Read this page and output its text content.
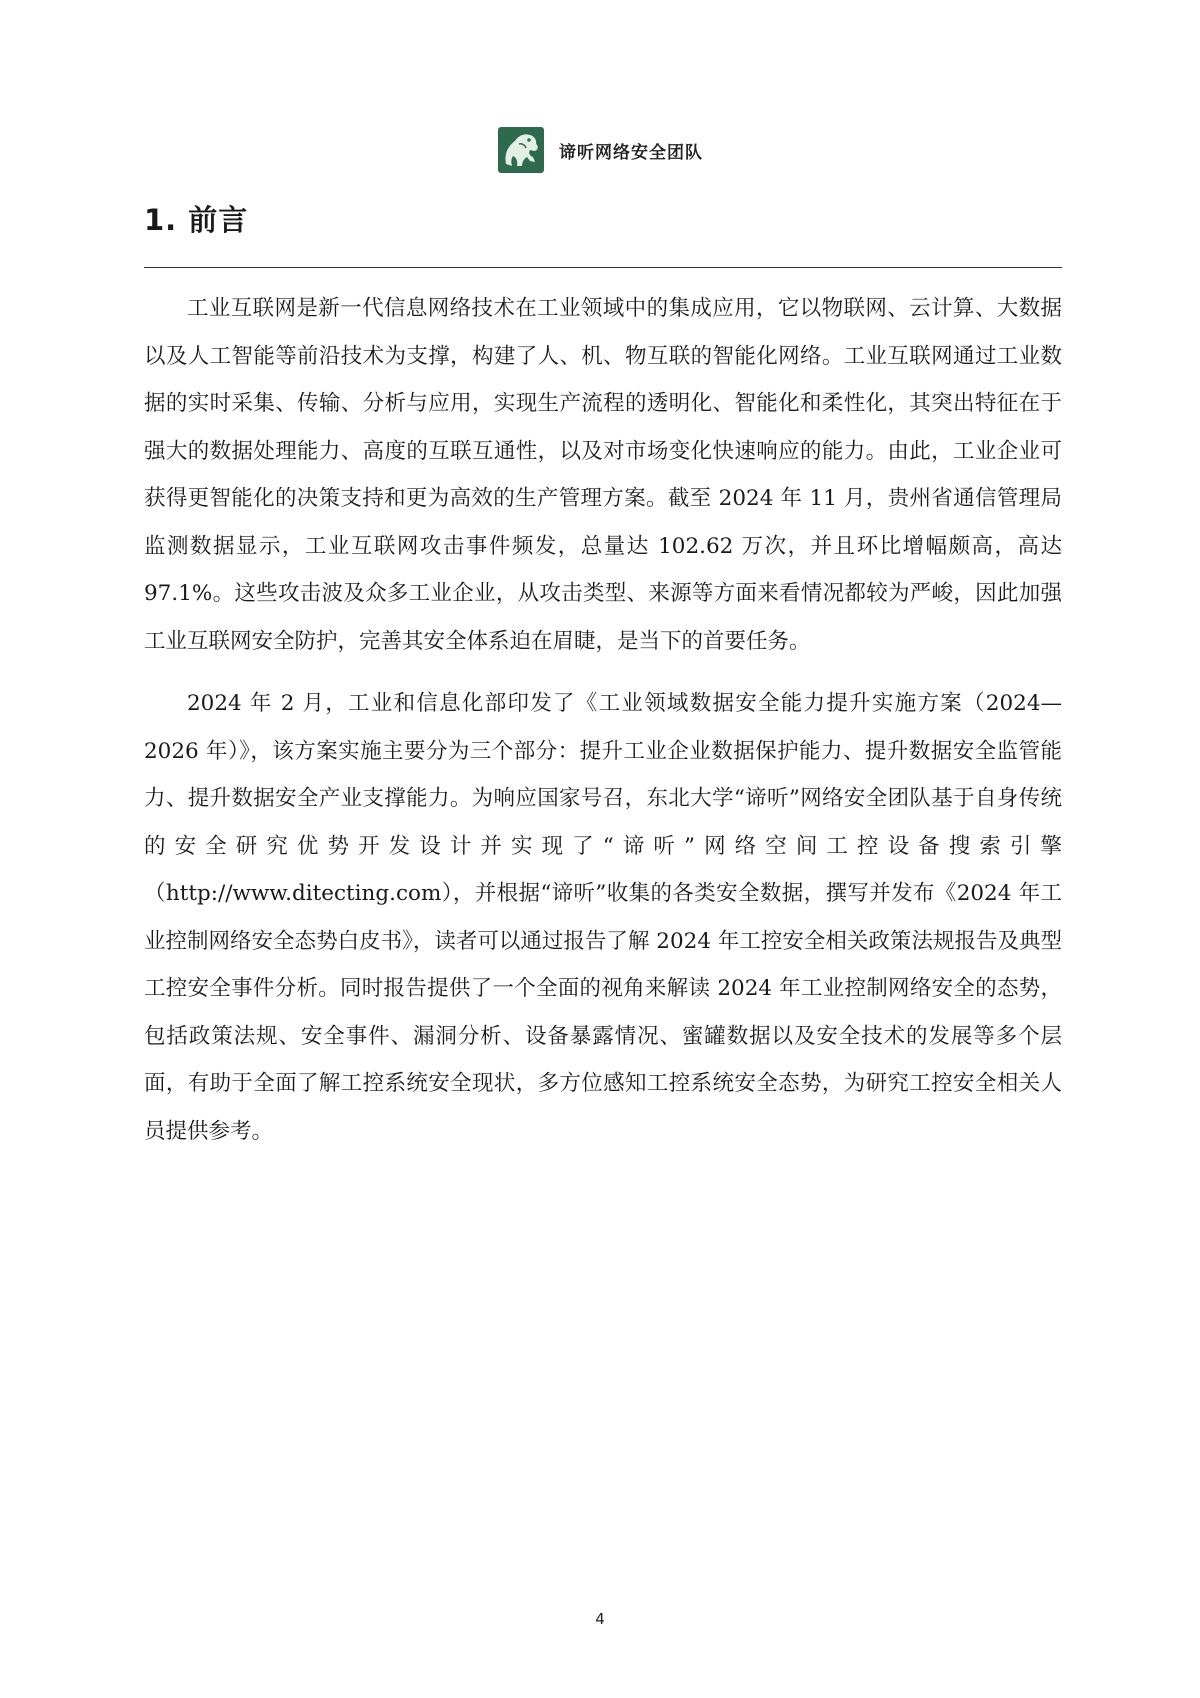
谛听网络安全团队
1. 前言

工业互联网是新一代信息网络技术在工业领域中的集成应用，它以物联网、云计算、大数据以及人工智能等前沿技术为支撑，构建了人、机、物互联的智能化网络。工业互联网通过工业数据的实时采集、传输、分析与应用，实现生产流程的透明化、智能化和柔性化，其突出特征在于强大的数据处理能力、高度的互联互通性，以及对市场变化快速响应的能力。由此，工业企业可获得更智能化的决策支持和更为高效的生产管理方案。截至 2024 年 11 月，贵州省通信管理局监测数据显示，工业互联网攻击事件频发，总量达 102.62 万次，并且环比增幅颇高，高达 97.1%。这些攻击波及众多工业企业，从攻击类型、来源等方面来看情况都较为严峻，因此加强工业互联网安全防护，完善其安全体系迫在眉睫，是当下的首要任务。

2024 年 2 月，工业和信息化部印发了《工业领域数据安全能力提升实施方案（2024—2026 年）》，该方案实施主要分为三个部分：提升工业企业数据保护能力、提升数据安全监管能力、提升数据安全产业支撑能力。为响应国家号召，东北大学“谛听”网络安全团队基于自身传统的安全研究优势开发设计并实现了“谛听”网络空间工控设备搜索引擎（http://www.ditecting.com），并根据“谛听”收集的各类安全数据，撰写并发布《2024 年工业控制网络安全态势白皮书》，读者可以通过报告了解 2024 年工控安全相关政策法规报告及典型工控安全事件分析。同时报告提供了一个全面的视角来解读 2024 年工业控制网络安全的态势，包括政策法规、安全事件、漏洞分析、设备暴露情况、蜜罐数据以及安全技术的发展等多个层面，有助于全面了解工控系统安全现状，多方位感知工控系统安全态势，为研究工控安全相关人员提供参考。

4
